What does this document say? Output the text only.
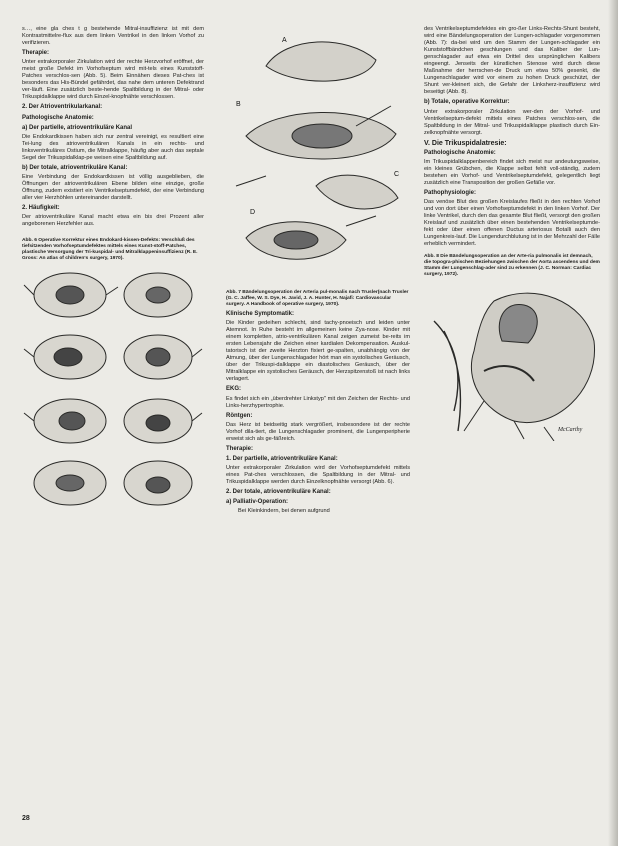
s…, eine gla ches t g bestehende Mitral-insuffizienz ist mit dem Kontrastmittelre-flux aus dem linken Ventrikel in den linken Vorhof zu verifizieren.

Therapie:

Unter extrakorporaler Zirkulation wird der rechte Herzvorhof eröffnet, der meist große Defekt im Vorhofseptum wird mit-tels eines Kunststoff-Patches verschlos-sen (Abb. 5). Beim Einnähen dieses Pat-ches ist besonders das His-Bündel gefährdet, das nahe dem unteren Defektrand ver-läuft. Eine zusätzlich beste-hende Spaltbildung in der Mitral- oder Trikuspidalklappe wird durch Einzel-knopfnähte verschlossen.

2. Der Atrioventrikularkanal:
Pathologische Anatomie:
a) Der partielle, atrioventrikuläre Kanal

Die Endokardkissen haben sich nur zentral vereinigt, es resultiert eine Tei-lung des atrioventrikulären Kanals in ein rechts- und linksventrikuläres Ostium, die Mitralklappe, häufig aber auch das septale Segel der Trikuspidalklap-pe weisen eine Spaltbildung auf.

b) Der totale, atrioventrikuläre Kanal:

Eine Verbindung der Endokardkissen ist völlig ausgeblieben, die Öffnungen der atrioventrikulären Ebene bilden eine einzige, große Öffnung, zudem existiert ein Ventrikelseptumdefekt, der eine Verbindung aller vier Herzhöhlen untereinander darstellt.

2. Häufigkeit:

Der atrioventrikuläre Kanal macht etwa ein bis drei Prozent aller angeborenen Herzfehler aus.

Abb. 6 Operative Korrektur eines Endokard-kissen-Defekts: Verschluß des tiefsitzenden Vorhofseptumdefektes mittels eines Kunst-stoff-Patches, plastische Versorgung der Tri-kuspidal- und Mitralklappeninsuffizienz (R. E. Gross: An atlas of children's surgery, 1970).
A
B
C
D
Abb. 7 Bändelungsoperation der Arteria pul-monalis nach Trusler(nach Trusler (G. C. Jaffee, W. S. Dye, H. Javid, J. A. Hunter, H. Najafi: Cardiovascular surgery. A Handbook of operative surgery, 1970).
Klinische Symptomatik:

Die Kinder gedeihen schlecht, sind tachy-pnoeisch und leiden unter Atemnot. In Ruhe besteht im allgemeinen keine Zya-nose. Kinder mit einem kompletten, atrio-ventrikulären Kanal zeigen zumeist be-reits im ersten Lebensjahr die Zeichen einer kardialen Dekompensation. Auskul-tatorisch ist der zweite Herzton fixiert ge-spalten, unabhängig von der Atmung, über der Lungenschlagader hört man ein systolisches Geräusch, über der Trikuspi-dalklappe ein diastolisches Geräusch, über der Mitralklappe ein systolisches Geräusch, der Herzspitzenstoß ist nach links verlagert.

EKG:

Es findet sich ein „überdrehter Linkstyp" mit den Zeichen der Rechts- und Links-herzhypertrophie.

Röntgen:

Das Herz ist beidseitig stark vergrößert, insbesondere ist der rechte Vorhof dila-tiert, die Lungenschlagader prominent, die Lungenperipherie erweist sich als ge-fäßreich.

Therapie:
1. Der partielle, atrioventrikuläre Kanal:

Unter extrakorporaler Zirkulation wird der Vorhofseptumdefekt mittels eines Pat-ches verschlossen, die Spaltbildung in der Mitral- und Trikuspidalklappe werden durch Einzelknopfnähte versorgt (Abb. 6).

2. Der totale, atrioventrikuläre Kanal:
a) Palliativ-Operation:

Bei Kleinkindern, bei denen aufgrund

des Ventrikelseptumdefektes ein gro-ßer Links-Rechts-Shunt besteht, wird eine Bändelungsoperation der Lungen-schlagader vorgenommen (Abb. 7): da-bei wird um den Stamm der Lungen-schlagader ein Kunststoffbändchen geschlungen und das Kaliber der Lun-genschlagader auf etwa ein Drittel des ursprünglichen Kalibers eingeengt. Jenseits der künstlichen Stenose wird durch diese Maßnahme der herrschen-de Druck um etwa 50% gesenkt, die Lungenschlagader wird vor einem zu hohen Druck geschützt, der Shunt ver-kleinert sich, die Gefahr der Linksherz-insuffizienz wird beseitigt (Abb. 8).

b) Totale, operative Korrektur:

Unter extrakorporaler Zirkulation wer-den der Vorhof- und Ventrikelseptum-defekt mittels eines Patches verschlos-sen, die Spaltbildung in der Mitral- und Trikuspidalklappe plastisch durch Ein-zelknopfnähte versorgt.

V. Die Trikuspidalatresie:
Pathologische Anatomie:

Im Trikuspidalklappenbereich findet sich meist nur andeutungsweise, ein kleines Grübchen, die Klappe selbst fehlt voll-ständig, zudem bestehen ein Vorhof- und Ventrikelseptumdefekt, gelegentlich liegt zusätzlich eine Transposition der großen Gefäße vor.

Pathophysiologie:

Das venöse Blut des großen Kreislaufes fließt in den rechten Vorhof und von dort über einen Vorhofseptumdefekt in den linken Vorhof. Der linke Ventrikel, durch den das gesamte Blut fließt, versorgt den großen Kreislauf und zusätzlich über einen bestehenden Ventrikelseptumde-fekt oder über einen offenen Ductus arteriosus Botalli auch den Lungenkreis-lauf. Die Lungendurchblutung ist in der Mehrzahl der Fälle erheblich vermindert.

Abb. 8 Die Bändelungsoperation an der Arte-ria pulmonalis ist demnach, die topogra-phischen Beziehungen zwischen der Aorta ascendens und dem Stamm der Lungenschlag-ader sind zu erkennen (J. C. Norman: Cardiac surgery, 1972).
McCarthy
28
